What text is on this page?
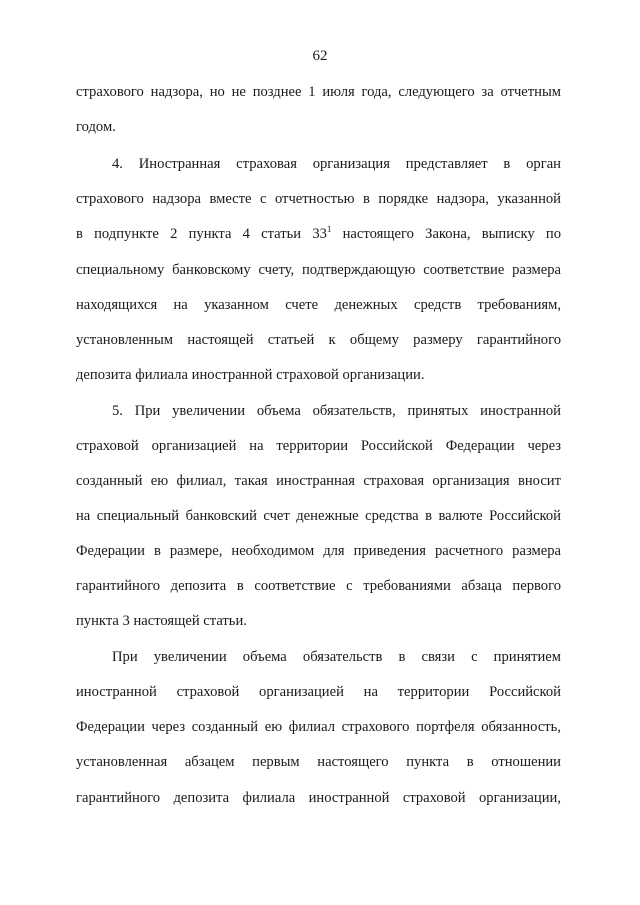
62
страхового надзора, но не позднее 1 июля года, следующего за отчетным
годом.
4. Иностранная страховая организация представляет в орган
страхового надзора вместе с отчетностью в порядке надзора, указанной
в подпункте 2 пункта 4 статьи $33^1$ настоящего Закона, выписку по
специальному банковскому счету, подтверждающую соответствие размера
находящихся на указанном счете денежных средств требованиям,
установленным настоящей статьей к общему размеру гарантийного
депозита филиала иностранной страховой организации.
5. При увеличении объема обязательств, принятых иностранной
страховой организацией на территории Российской Федерации через
созданный ею филиал, такая иностранная страховая организация вносит
на специальный банковский счет денежные средства в валюте Российской
Федерации в размере, необходимом для приведения расчетного размера
гарантийного депозита в соответствие с требованиями абзаца первого
пункта 3 настоящей статьи.
При увеличении объема обязательств в связи с принятием
иностранной страховой организацией на территории Российской
Федерации через созданный ею филиал страхового портфеля обязанность,
установленная абзацем первым настоящего пункта в отношении
гарантийного депозита филиала иностранной страховой организации,
